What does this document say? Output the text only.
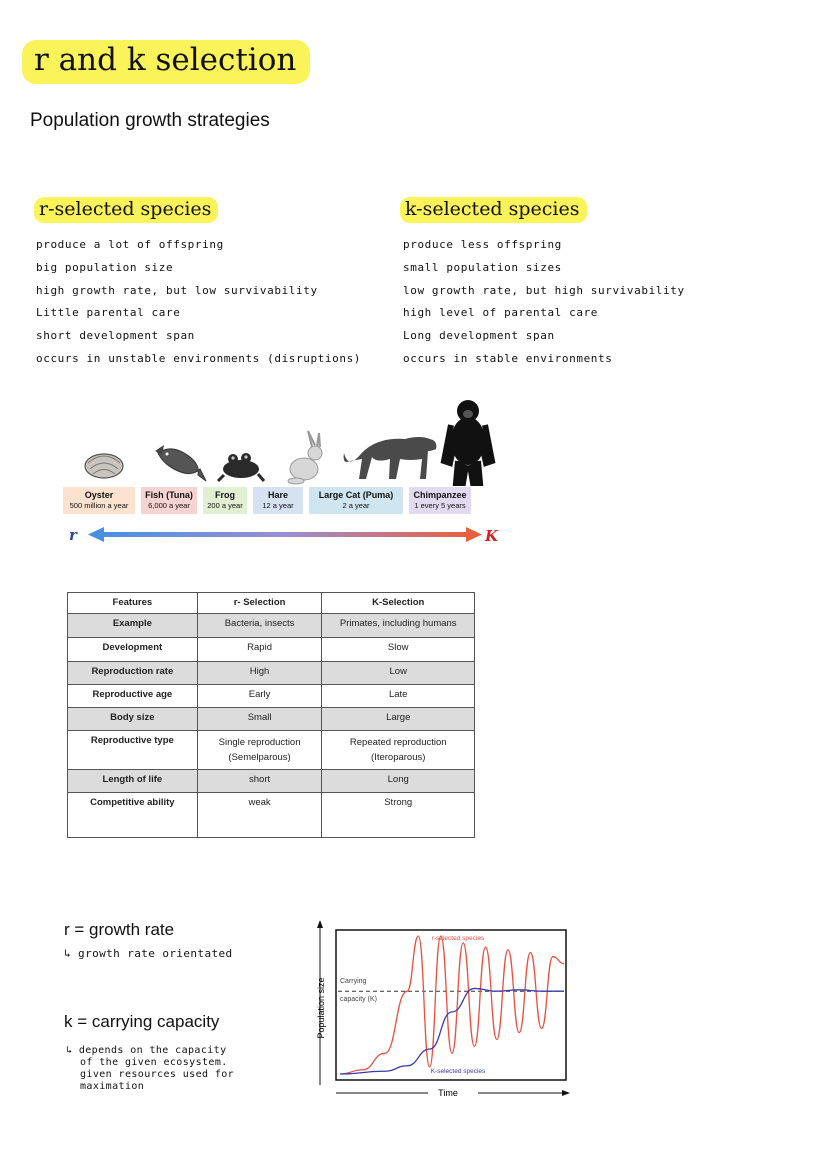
r and k selection
Population growth strategies
r-selected species
produce a lot of offspring
big population size
high growth rate, but low survivability
Little parental care
short development span
occurs in unstable environments (disruptions)
k-selected species
produce less offspring
small population sizes
low growth rate, but high survivability
high level of parental care
Long development span
occurs in stable environments
Oyster
500 million a year
Fish (Tuna)
6,000 a year
Frog
200 a year
Hare
12 a year
Large Cat (Puma)
2 a year
Chimpanzee
1 every 5 years
r	K
Features	r- Selection	K-Selection
Example	Bacteria, insects	Primates, including humans
Development	Rapid	Slow
Reproduction rate	High	Low
Reproductive age	Early	Late
Body size	Small	Large
Reproductive type	Single reproduction (Semelparous)	Repeated reproduction (Iteroparous)
Length of life	short	Long
Competitive ability	weak	Strong
r = growth rate
↳ growth rate orientated
k = carrying capacity
↳ depends on the capacity
of the given ecosystem.
given resources used for
maximation
Time
Population size Carrying
capacity (K)
r-selected species
K-selected species
